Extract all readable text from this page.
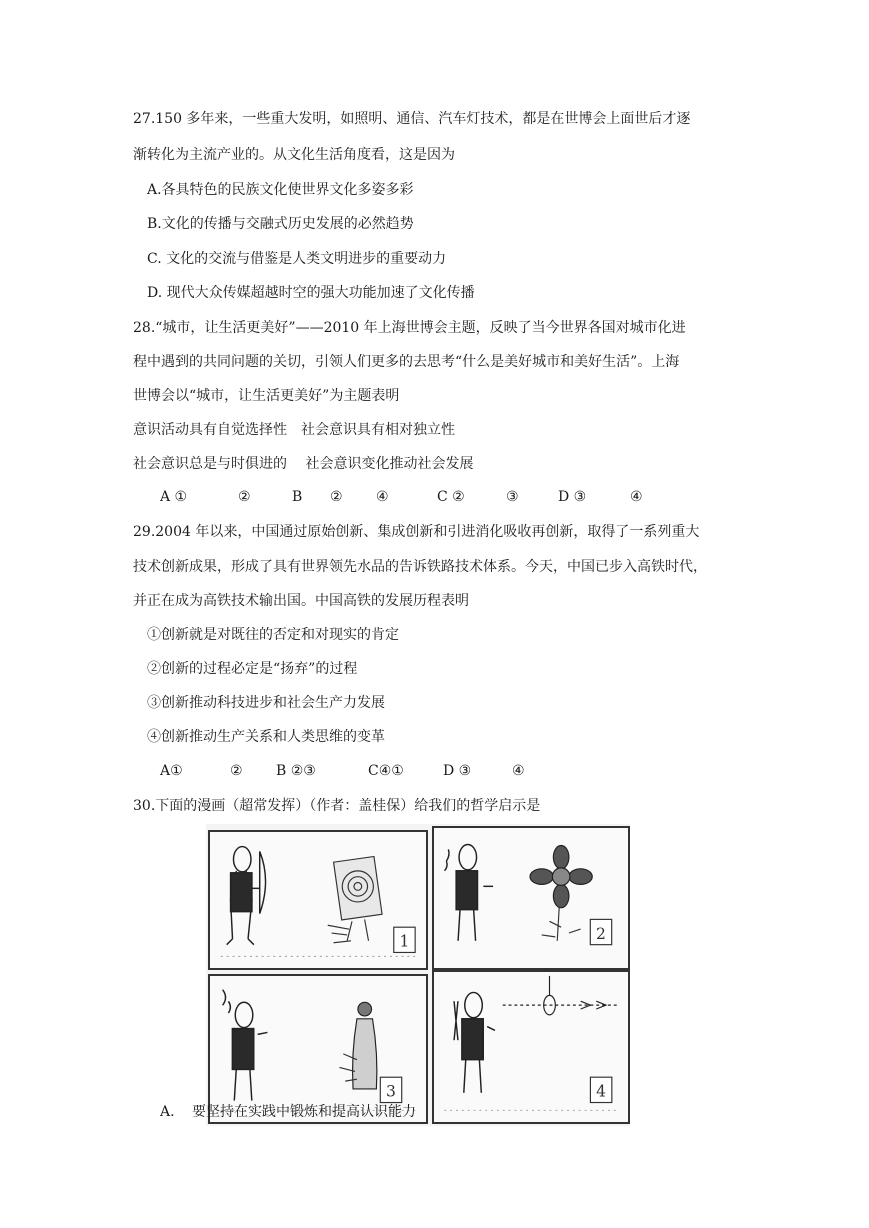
27.150 多年来，一些重大发明，如照明、通信、汽车灯技术，都是在世博会上面世后才逐
渐转化为主流产业的。从文化生活角度看，这是因为
A.各具特色的民族文化使世界文化多姿多彩
B.文化的传播与交融式历史发展的必然趋势
C. 文化的交流与借鉴是人类文明进步的重要动力
D. 现代大众传媒超越时空的强大功能加速了文化传播
28.“城市，让生活更美好”——2010 年上海世博会主题，反映了当今世界各国对城市化进
程中遇到的共同问题的关切，引领人们更多的去思考“什么是美好城市和美好生活”。上海
世博会以“城市，让生活更美好”为主题表明
意识活动具有自觉选择性　社会意识具有相对独立性
社会意识总是与时俱进的　 社会意识变化推动社会发展
A ①	②	B ② ④	C ②	③	D ③	④
29.2004 年以来，中国通过原始创新、集成创新和引进消化吸收再创新，取得了一系列重大
技术创新成果，形成了具有世界领先水品的告诉铁路技术体系。今天，中国已步入高铁时代，
并正在成为高铁技术输出国。中国高铁的发展历程表明
①创新就是对既往的否定和对现实的肯定
②创新的过程必定是“扬弃”的过程
③创新推动科技进步和社会生产力发展
④创新推动生产关系和人类思维的变革
A①	② B ②③	C④①	D ③	④
30.下面的漫画（超常发挥）（作者：盖桂保）给我们的哲学启示是
1	2
3	4
A. 要坚持在实践中锻炼和提高认识能力
